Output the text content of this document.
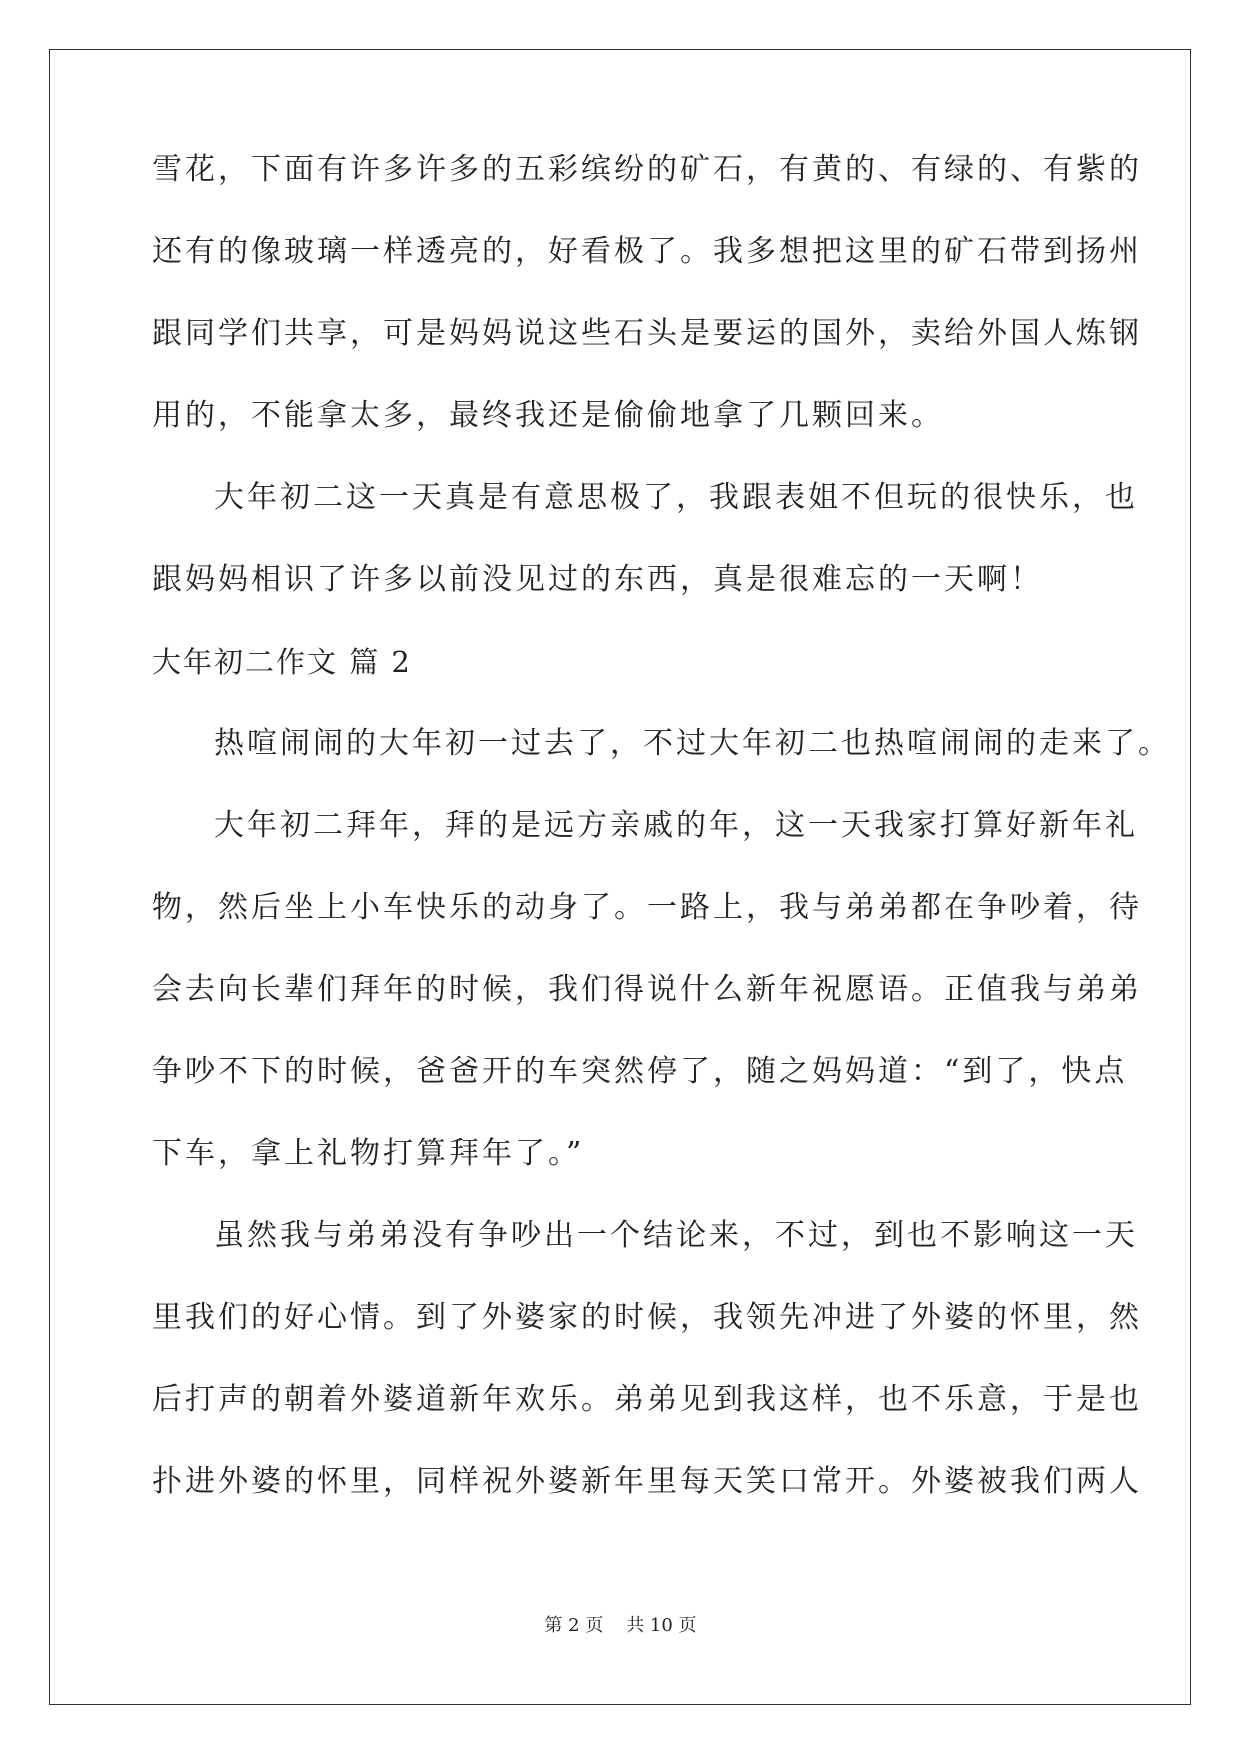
雪花，下面有许多许多的五彩缤纷的矿石，有黄的、有绿的、有紫的
还有的像玻璃一样透亮的，好看极了。我多想把这里的矿石带到扬州
跟同学们共享，可是妈妈说这些石头是要运的国外，卖给外国人炼钢
用的，不能拿太多，最终我还是偷偷地拿了几颗回来。
大年初二这一天真是有意思极了，我跟表姐不但玩的很快乐，也
跟妈妈相识了许多以前没见过的东西，真是很难忘的一天啊！
大年初二作文 篇 2
热喧闹闹的大年初一过去了，不过大年初二也热喧闹闹的走来了。
大年初二拜年，拜的是远方亲戚的年，这一天我家打算好新年礼
物，然后坐上小车快乐的动身了。一路上，我与弟弟都在争吵着，待
会去向长辈们拜年的时候，我们得说什么新年祝愿语。正值我与弟弟
争吵不下的时候，爸爸开的车突然停了，随之妈妈道：“到了，快点
下车，拿上礼物打算拜年了。”
虽然我与弟弟没有争吵出一个结论来，不过，到也不影响这一天
里我们的好心情。到了外婆家的时候，我领先冲进了外婆的怀里，然
后打声的朝着外婆道新年欢乐。弟弟见到我这样，也不乐意，于是也
扑进外婆的怀里，同样祝外婆新年里每天笑口常开。外婆被我们两人
第 2 页    共 10 页
